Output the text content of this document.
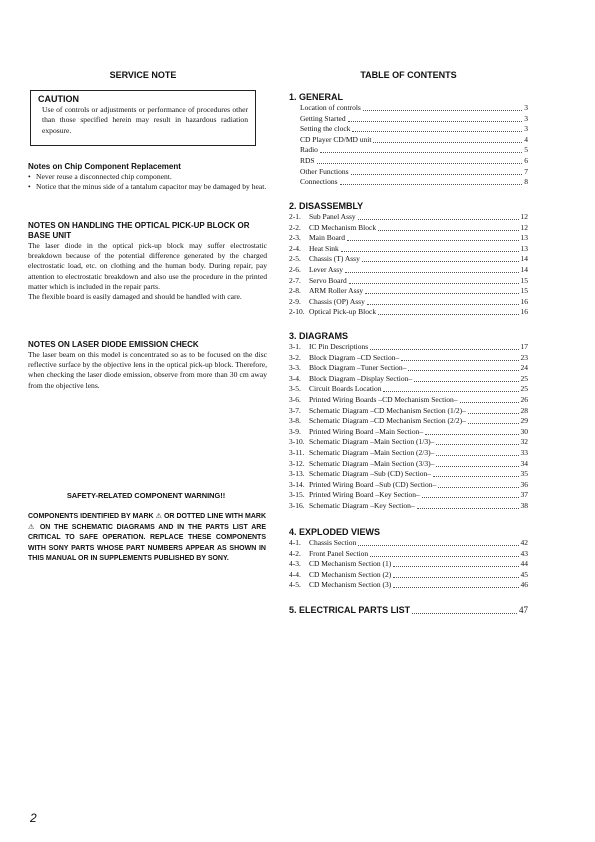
SERVICE NOTE
CAUTION
Use of controls or adjustments or performance of procedures other than those specified herein may result in hazardous radiation exposure.
Notes on Chip Component Replacement
• Never reuse a disconnected chip component.
• Notice that the minus side of a tantalum capacitor may be damaged by heat.
NOTES ON HANDLING THE OPTICAL PICK-UP BLOCK OR BASE UNIT
The laser diode in the optical pick-up block may suffer electrostatic breakdown because of the potential difference generated by the charged electrostatic load, etc. on clothing and the human body. During repair, pay attention to electrostatic breakdown and also use the procedure in the printed matter which is included in the repair parts.
The flexible board is easily damaged and should be handled with care.
NOTES ON LASER DIODE EMISSION CHECK
The laser beam on this model is concentrated so as to be focused on the disc reflective surface by the objective lens in the optical pick-up block. Therefore, when checking the laser diode emission, observe from more than 30 cm away from the objective lens.
SAFETY-RELATED COMPONENT WARNING!!
COMPONENTS IDENTIFIED BY MARK ⚠ OR DOTTED LINE WITH MARK ⚠ ON THE SCHEMATIC DIAGRAMS AND IN THE PARTS LIST ARE CRITICAL TO SAFE OPERATION. REPLACE THESE COMPONENTS WITH SONY PARTS WHOSE PART NUMBERS APPEAR AS SHOWN IN THIS MANUAL OR IN SUPPLEMENTS PUBLISHED BY SONY.
TABLE OF CONTENTS
1. GENERAL
Location of controls	3
Getting Started	3
Setting the clock	3
CD Player CD/MD unit	4
Radio	5
RDS	6
Other Functions	7
Connections	8
2. DISASSEMBLY
2-1.	Sub Panel Assy	12
2-2.	CD Mechanism Block	12
2-3.	Main Board	13
2-4.	Heat Sink	13
2-5.	Chassis (T) Assy	14
2-6.	Lever Assy	14
2-7.	Servo Board	15
2-8.	ARM Roller Assy	15
2-9.	Chassis (OP) Assy	16
2-10. Optical Pick-up Block	16
3. DIAGRAMS
3-1.	IC Pin Descriptions	17
3-2.	Block Diagram –CD Section–	23
3-3.	Block Diagram –Tuner Section–	24
3-4.	Block Diagram –Display Section–	25
3-5.	Circuit Boards Location	25
3-6.	Printed Wiring Boards –CD Mechanism Section–	26
3-7.	Schematic Diagram –CD Mechanism Section (1/2)–	28
3-8.	Schematic Diagram –CD Mechanism Section (2/2)–	29
3-9.	Printed Wiring Board –Main Section–	30
3-10. Schematic Diagram –Main Section (1/3)–	32
3-11. Schematic Diagram –Main Section (2/3)–	33
3-12. Schematic Diagram –Main Section (3/3)–	34
3-13. Schematic Diagram –Sub (CD) Section–	35
3-14. Printed Wiring Board –Sub (CD) Section–	36
3-15. Printed Wiring Board –Key Section–	37
3-16. Schematic Diagram –Key Section–	38
4. EXPLODED VIEWS
4-1.	Chassis Section	42
4-2.	Front Panel Section	43
4-3.	CD Mechanism Section (1)	44
4-4.	CD Mechanism Section (2)	45
4-5.	CD Mechanism Section (3)	46
5. ELECTRICAL PARTS LIST	47
2
